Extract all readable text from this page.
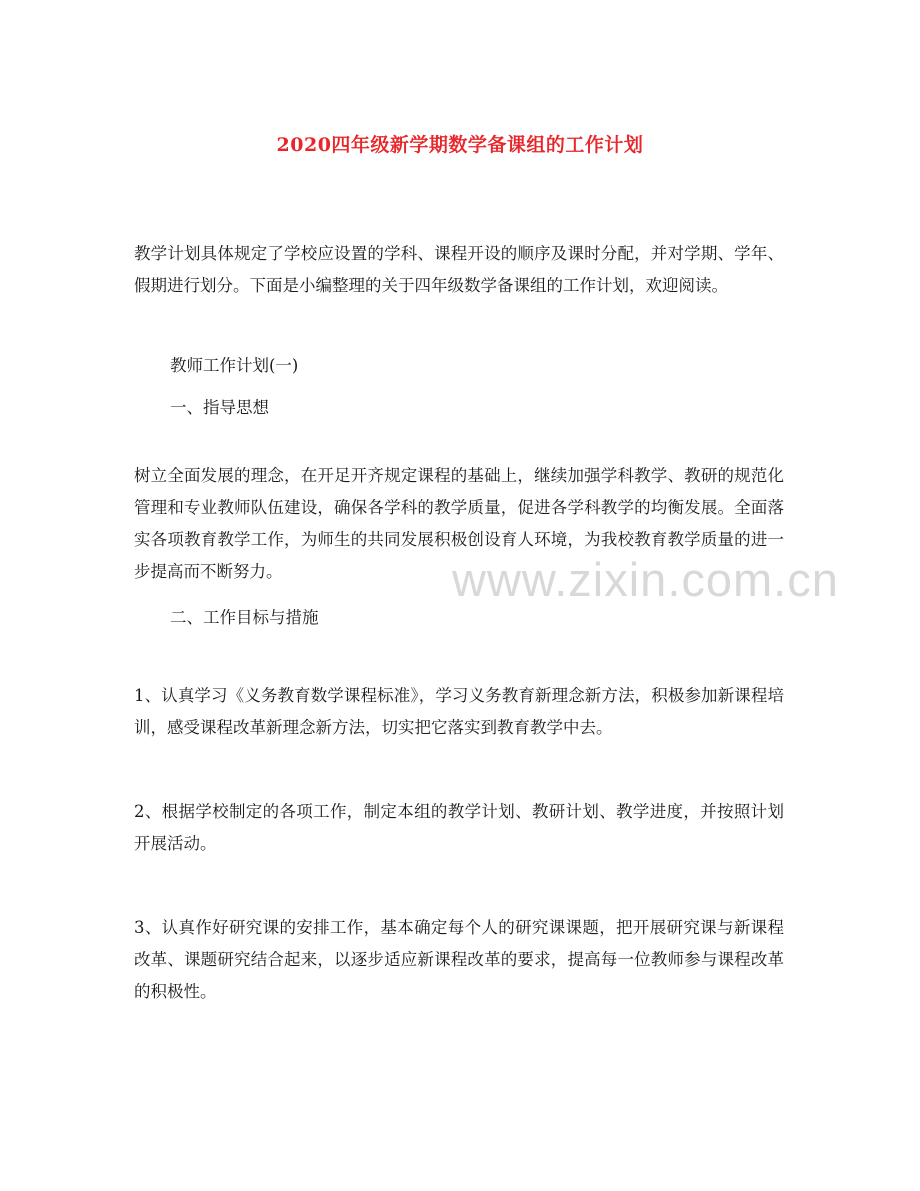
2020四年级新学期数学备课组的工作计划

教学计划具体规定了学校应设置的学科、课程开设的顺序及课时分配，并对学期、学年、假期进行划分。下面是小编整理的关于四年级数学备课组的工作计划，欢迎阅读。

教师工作计划(一)

一、指导思想

树立全面发展的理念，在开足开齐规定课程的基础上，继续加强学科教学、教研的规范化管理和专业教师队伍建设，确保各学科的教学质量，促进各学科教学的均衡发展。全面落实各项教育教学工作，为师生的共同发展积极创设育人环境，为我校教育教学质量的进一步提高而不断努力。

二、工作目标与措施

1、认真学习《义务教育数学课程标准》，学习义务教育新理念新方法，积极参加新课程培训，感受课程改革新理念新方法，切实把它落实到教育教学中去。

2、根据学校制定的各项工作，制定本组的教学计划、教研计划、教学进度，并按照计划开展活动。

3、认真作好研究课的安排工作，基本确定每个人的研究课课题，把开展研究课与新课程改革、课题研究结合起来，以逐步适应新课程改革的要求，提高每一位教师参与课程改革的积极性。

www.zixin.com.cn
